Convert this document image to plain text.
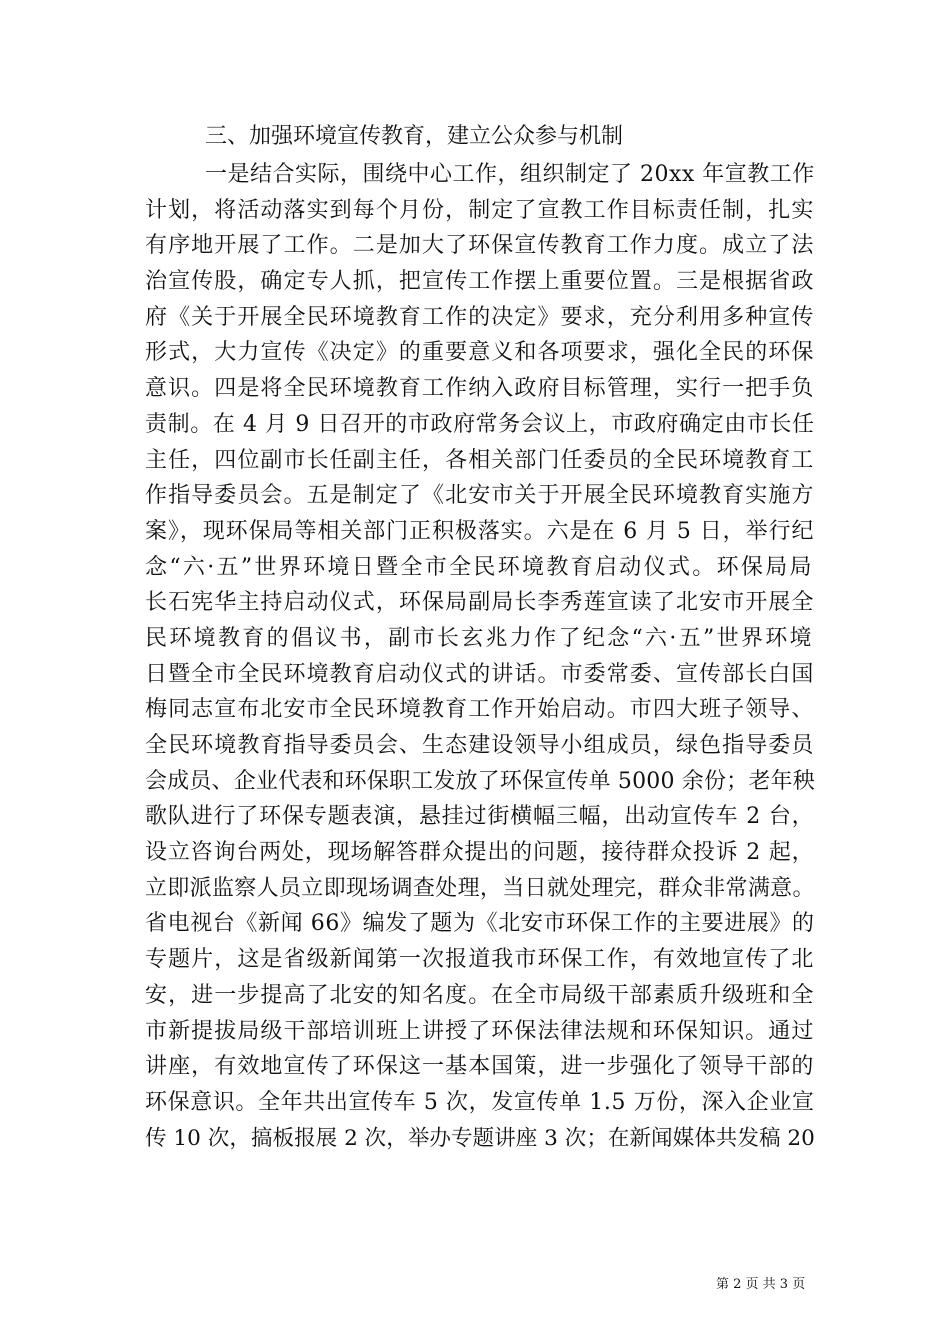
三、加强环境宣传教育，建立公众参与机制
一是结合实际，围绕中心工作，组织制定了 20xx 年宣教工作
计划，将活动落实到每个月份，制定了宣教工作目标责任制，扎实
有序地开展了工作。二是加大了环保宣传教育工作力度。成立了法
治宣传股，确定专人抓，把宣传工作摆上重要位置。三是根据省政
府《关于开展全民环境教育工作的决定》要求，充分利用多种宣传
形式，大力宣传《决定》的重要意义和各项要求，强化全民的环保
意识。四是将全民环境教育工作纳入政府目标管理，实行一把手负
责制。在 4 月 9 日召开的市政府常务会议上，市政府确定由市长任
主任，四位副市长任副主任，各相关部门任委员的全民环境教育工
作指导委员会。五是制定了《北安市关于开展全民环境教育实施方
案》，现环保局等相关部门正积极落实。六是在 6 月 5 日，举行纪
念“六·五”世界环境日暨全市全民环境教育启动仪式。环保局局
长石宪华主持启动仪式，环保局副局长李秀莲宣读了北安市开展全
民环境教育的倡议书，副市长玄兆力作了纪念“六·五”世界环境
日暨全市全民环境教育启动仪式的讲话。市委常委、宣传部长白国
梅同志宣布北安市全民环境教育工作开始启动。市四大班子领导、
全民环境教育指导委员会、生态建设领导小组成员，绿色指导委员
会成员、企业代表和环保职工发放了环保宣传单 5000 余份；老年秧
歌队进行了环保专题表演，悬挂过街横幅三幅，出动宣传车 2 台，
设立咨询台两处，现场解答群众提出的问题，接待群众投诉 2 起，
立即派监察人员立即现场调查处理，当日就处理完，群众非常满意。
省电视台《新闻 66》编发了题为《北安市环保工作的主要进展》的
专题片，这是省级新闻第一次报道我市环保工作，有效地宣传了北
安，进一步提高了北安的知名度。在全市局级干部素质升级班和全
市新提拔局级干部培训班上讲授了环保法律法规和环保知识。通过
讲座，有效地宣传了环保这一基本国策，进一步强化了领导干部的
环保意识。全年共出宣传车 5 次，发宣传单 1.5 万份，深入企业宣
传 10 次，搞板报展 2 次，举办专题讲座 3 次；在新闻媒体共发稿 20
第 2 页 共 3 页
